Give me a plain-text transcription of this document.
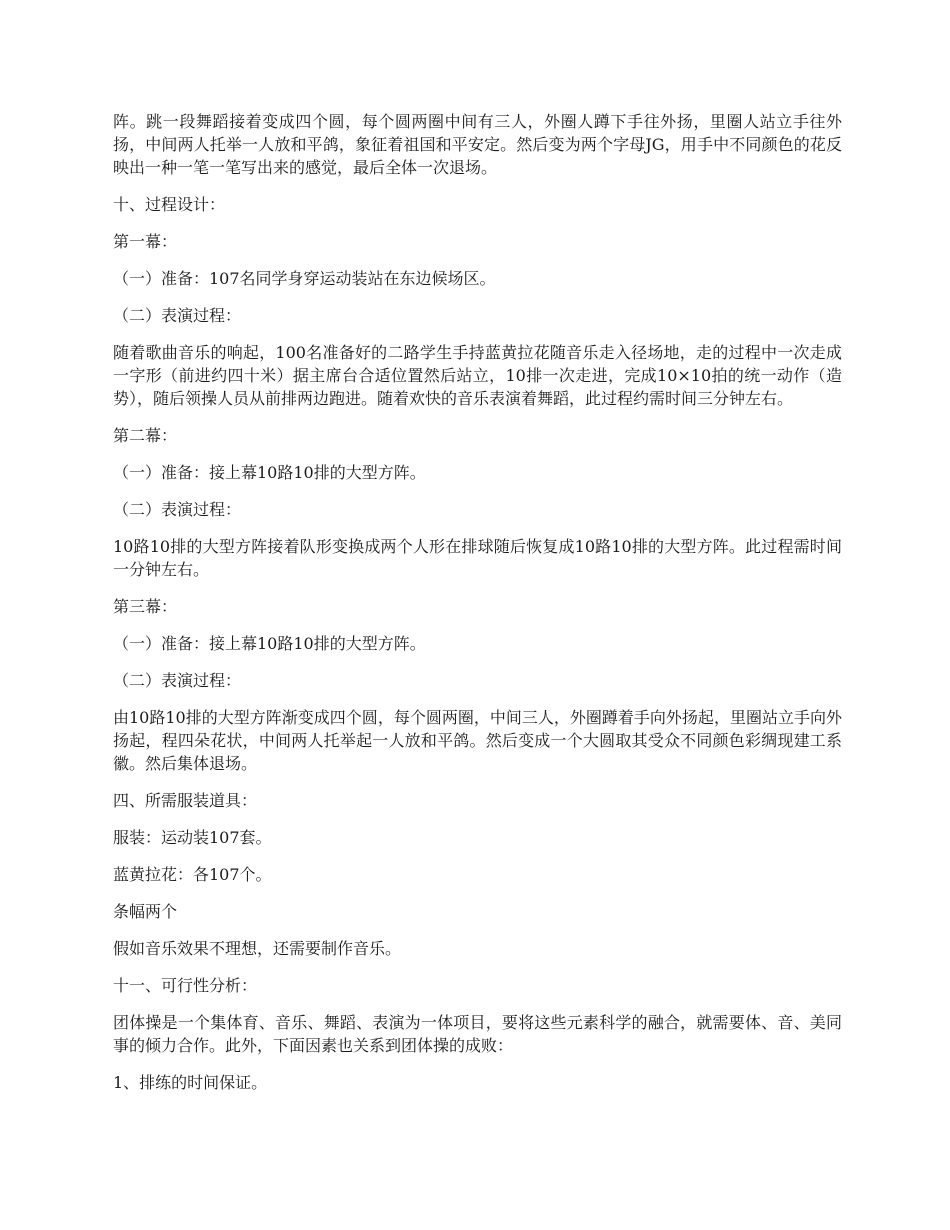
阵。跳一段舞蹈接着变成四个圆，每个圆两圈中间有三人，外圈人蹲下手往外扬，里圈人站立手往外扬，中间两人托举一人放和平鸽，象征着祖国和平安定。然后变为两个字母JG，用手中不同颜色的花反映出一种一笔一笔写出来的感觉，最后全体一次退场。

十、过程设计：

第一幕：

（一）准备：107名同学身穿运动装站在东边候场区。

（二）表演过程：

随着歌曲音乐的响起，100名准备好的二路学生手持蓝黄拉花随音乐走入径场地，走的过程中一次走成一字形（前进约四十米）据主席台合适位置然后站立，10排一次走进，完成10×10拍的统一动作（造势），随后领操人员从前排两边跑进。随着欢快的音乐表演着舞蹈，此过程约需时间三分钟左右。

第二幕：

（一）准备：接上幕10路10排的大型方阵。

（二）表演过程：

10路10排的大型方阵接着队形变换成两个人形在排球随后恢复成10路10排的大型方阵。此过程需时间一分钟左右。

第三幕：

（一）准备：接上幕10路10排的大型方阵。

（二）表演过程：

由10路10排的大型方阵渐变成四个圆，每个圆两圈，中间三人，外圈蹲着手向外扬起，里圈站立手向外扬起，程四朵花状，中间两人托举起一人放和平鸽。然后变成一个大圆取其受众不同颜色彩绸现建工系徽。然后集体退场。

四、所需服装道具：

服装：运动装107套。

蓝黄拉花：各107个。

条幅两个

假如音乐效果不理想，还需要制作音乐。

十一、可行性分析：

团体操是一个集体育、音乐、舞蹈、表演为一体项目，要将这些元素科学的融合，就需要体、音、美同事的倾力合作。此外，下面因素也关系到团体操的成败：

1、排练的时间保证。
